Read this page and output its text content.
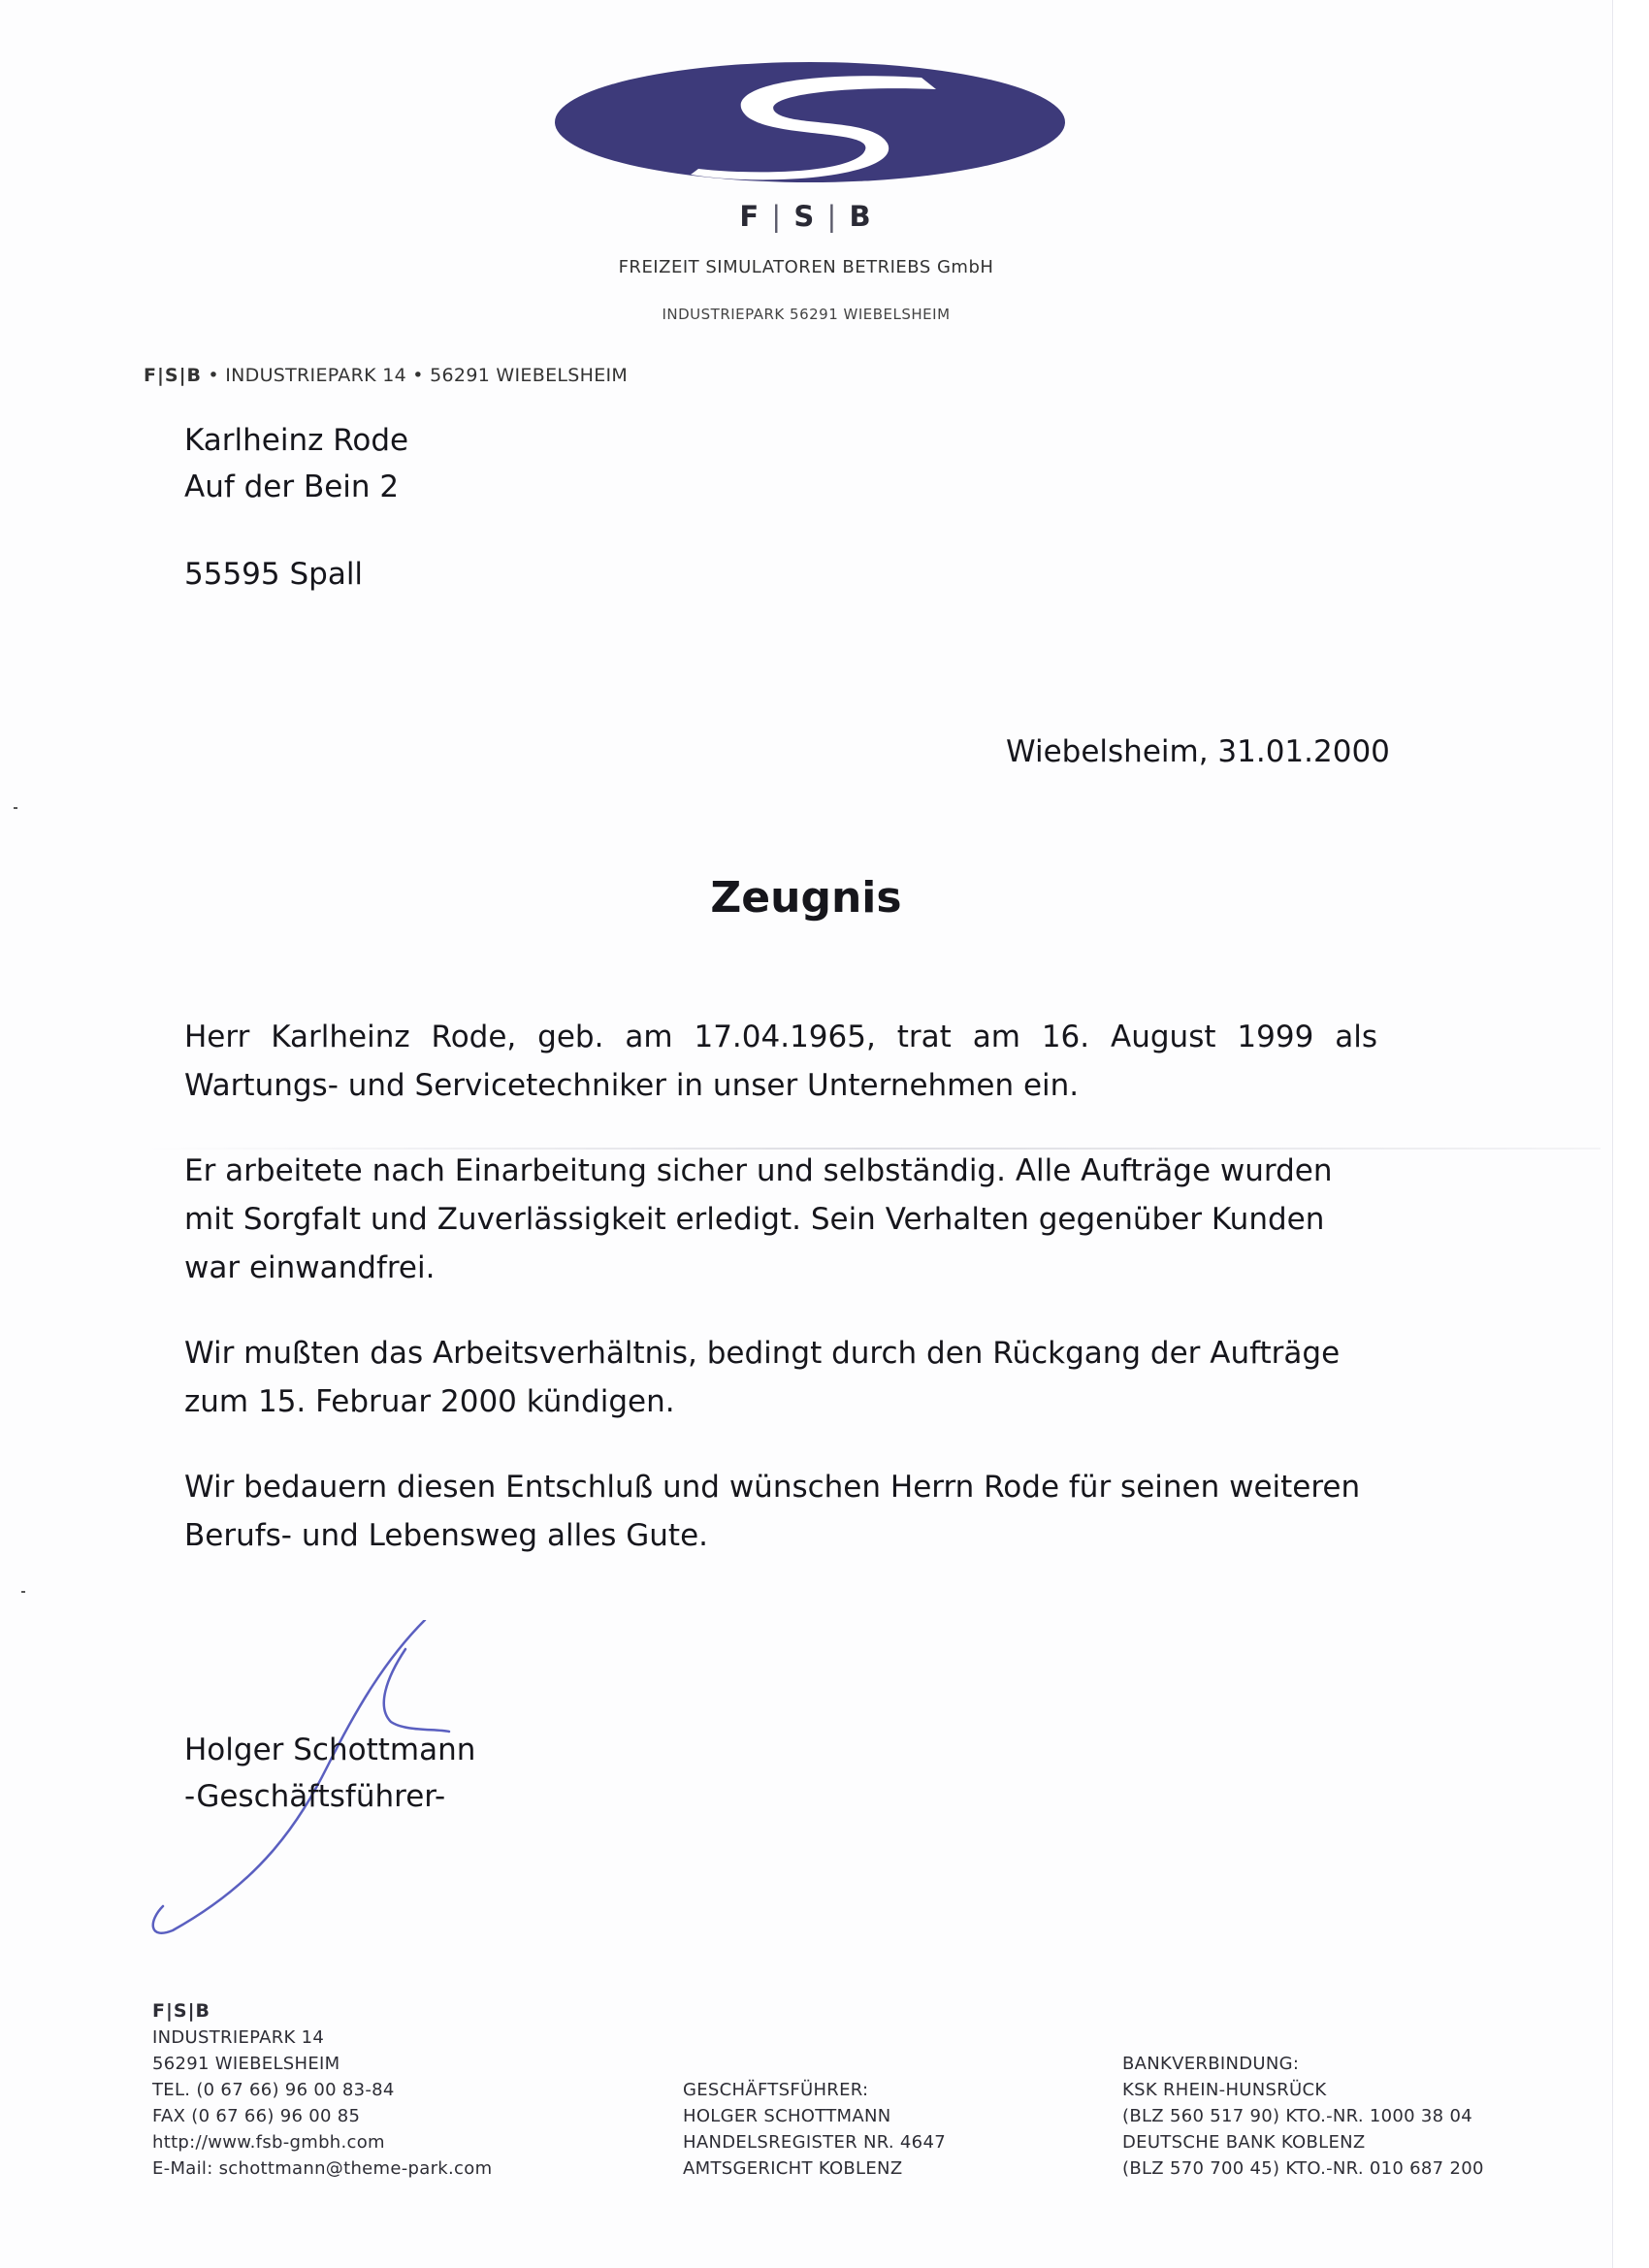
F | S | B
FREIZEIT SIMULATOREN BETRIEBS GmbH
INDUSTRIEPARK 56291 WIEBELSHEIM
F|S|B • INDUSTRIEPARK 14 • 56291 WIEBELSHEIM
Karlheinz Rode
Auf der Bein 2
55595 Spall
Wiebelsheim, 31.01.2000
Zeugnis

Herr Karlheinz Rode, geb. am 17.04.1965, trat am 16. August 1999 als Wartungs- und Servicetechniker in unser Unternehmen ein.

Er arbeitete nach Einarbeitung sicher und selbständig. Alle Aufträge wurden mit Sorgfalt und Zuverlässigkeit erledigt. Sein Verhalten gegenüber Kunden war einwandfrei.

Wir mußten das Arbeitsverhältnis, bedingt durch den Rückgang der Aufträge zum 15. Februar 2000 kündigen.

Wir bedauern diesen Entschluß und wünschen Herrn Rode für seinen weiteren Berufs- und Lebensweg alles Gute.

Holger Schottmann
-Geschäftsführer-
F|S|B
INDUSTRIEPARK 14
56291 WIEBELSHEIM
TEL. (0 67 66) 96 00 83-84
FAX (0 67 66) 96 00 85
http://www.fsb-gmbh.com
E-Mail: schottmann@theme-park.com
GESCHÄFTSFÜHRER:
HOLGER SCHOTTMANN
HANDELSREGISTER NR. 4647
AMTSGERICHT KOBLENZ
BANKVERBINDUNG:
KSK RHEIN-HUNSRÜCK
(BLZ 560 517 90) KTO.-NR. 1000 38 04
DEUTSCHE BANK KOBLENZ
(BLZ 570 700 45) KTO.-NR. 010 687 200
